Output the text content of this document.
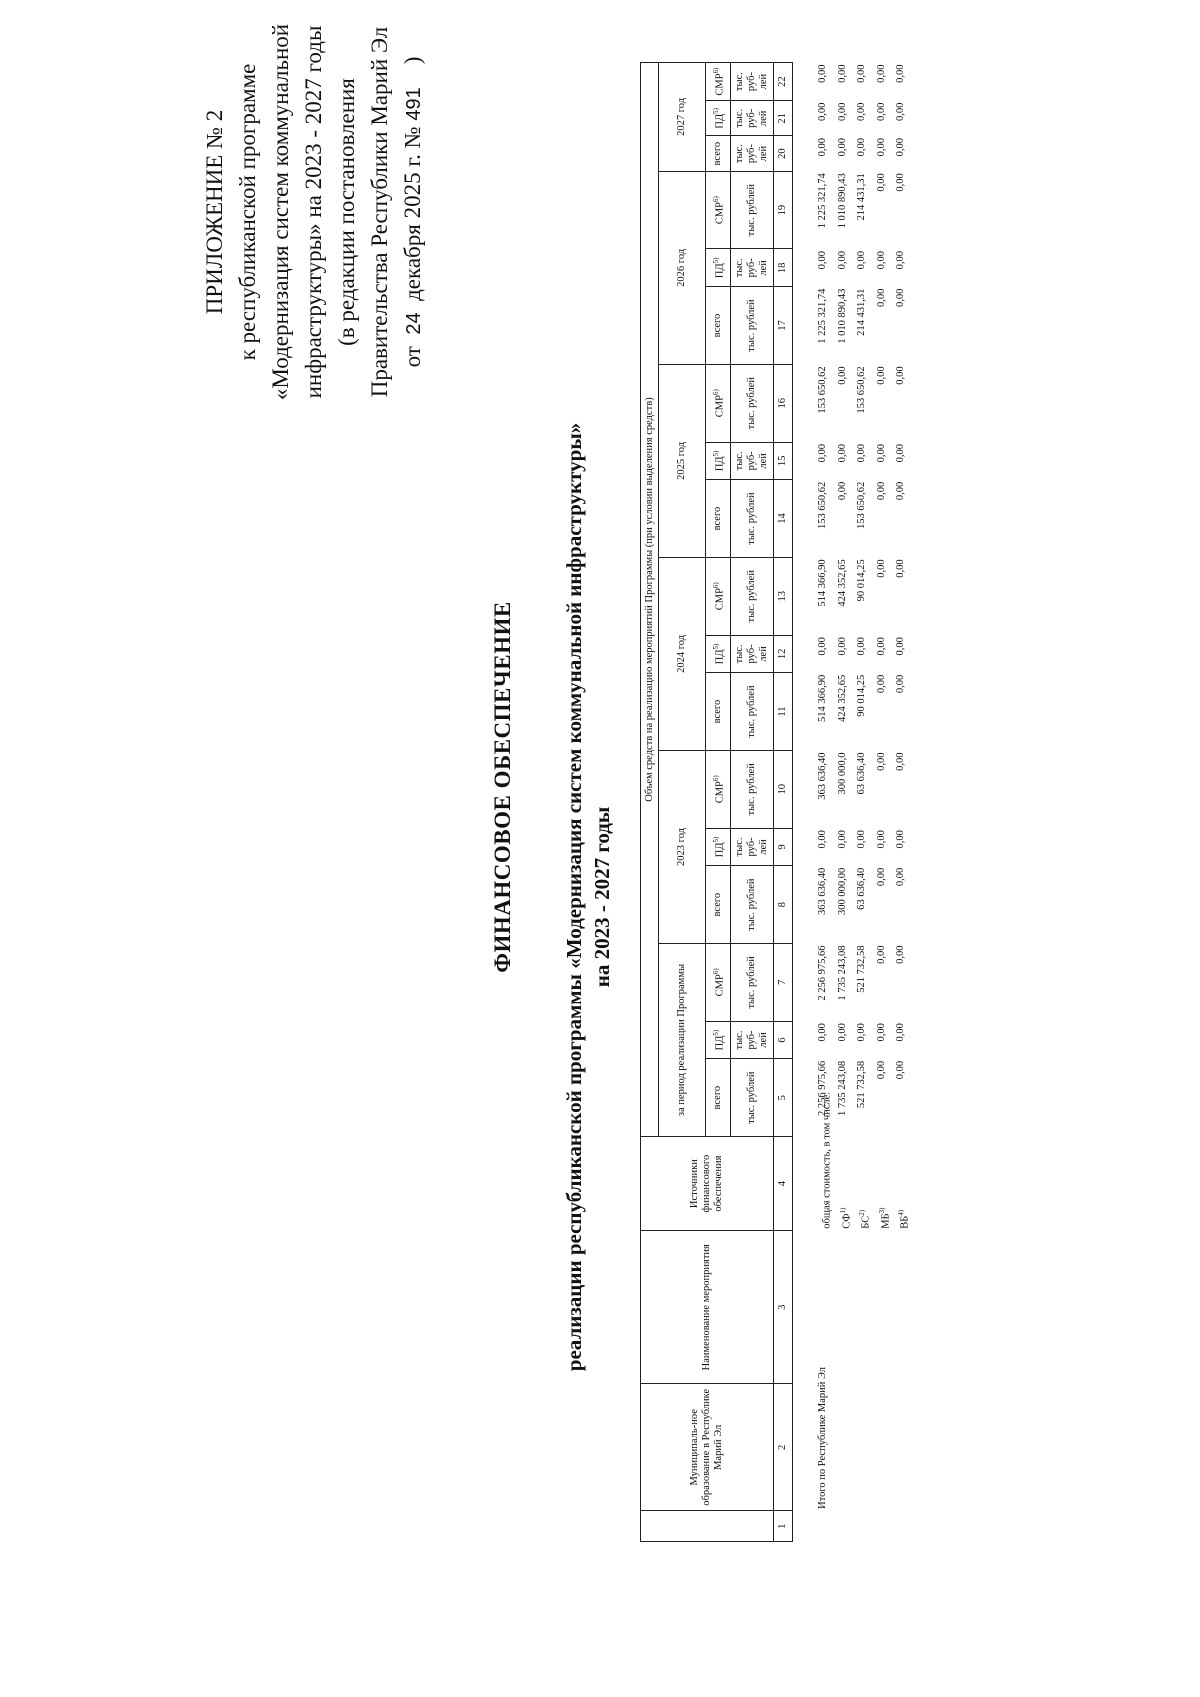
ПРИЛОЖЕНИЕ № 2 к республиканской программе «Модернизация систем коммунальной инфраструктуры» на 2023 - 2027 годы (в редакции постановления Правительства Республики Марий Эл от  24  декабря 2025 г. № 491    )
ФИНАНСОВОЕ ОБЕСПЕЧЕНИЕ реализации республиканской программы «Модернизация систем коммунальной инфраструктуры» на 2023 - 2027 годы
	Муниципаль-ное образование в Республике Марий Эл	Наименование мероприятия	Источники финансового обеспечения	Объем средств на реализацию мероприятий Программы (при условии выделения средств)																	
				за период реализации Программы			2023 год			2024 год			2025 год			2026 год			2027 год		
				всего	ПД$^{5)}$	СМР$^{6)}$	всего	ПД$^{5)}$	СМР$^{6)}$	всего	ПД$^{5)}$	СМР$^{6)}$	всего	ПД$^{5)}$	СМР$^{6)}$	всего	ПД$^{5)}$	СМР$^{6)}$	всего	ПД$^{5)}$	СМР$^{6)}$
				тыс. рублей	тыс. руб-лей	тыс. рублей	тыс. рублей	тыс. руб-лей	тыс. рублей	тыс. рублей	тыс. руб-лей	тыс. рублей	тыс. рублей	тыс. руб-лей	тыс. рублей	тыс. рублей	тыс. руб-лей	тыс. рублей	тыс. руб-лей	тыс. руб-лей	тыс. руб-лей
1	2	3	4	5	6	7	8	9	10	11	12	13	14	15	16	17	18	19	20	21	22

	Итого по Республике Марий Эл		общая стоимость, в том числе:	2 256 975,66	0,00	2 256 975,66	363 636,40	0,00	363 636,40	514 366,90	0,00	514 366,90	153 650,62	0,00	153 650,62	1 225 321,74	0,00	1 225 321,74	0,00	0,00	0,00
			СФ$^{1)}$	1 735 243,08	0,00	1 735 243,08	300 000,00	0,00	300 000,0	424 352,65	0,00	424 352,65	0,00	0,00	0,00	1 010 890,43	0,00	1 010 890,43	0,00	0,00	0,00
			БС$^{2)}$	521 732,58	0,00	521 732,58	63 636,40	0,00	63 636,40	90 014,25	0,00	90 014,25	153 650,62	0,00	153 650,62	214 431,31	0,00	214 431,31	0,00	0,00	0,00
			МБ$^{3)}$	0,00	0,00	0,00	0,00	0,00	0,00	0,00	0,00	0,00	0,00	0,00	0,00	0,00	0,00	0,00	0,00	0,00	0,00
			ВБ$^{4)}$	0,00	0,00	0,00	0,00	0,00	0,00	0,00	0,00	0,00	0,00	0,00	0,00	0,00	0,00	0,00	0,00	0,00	0,00
